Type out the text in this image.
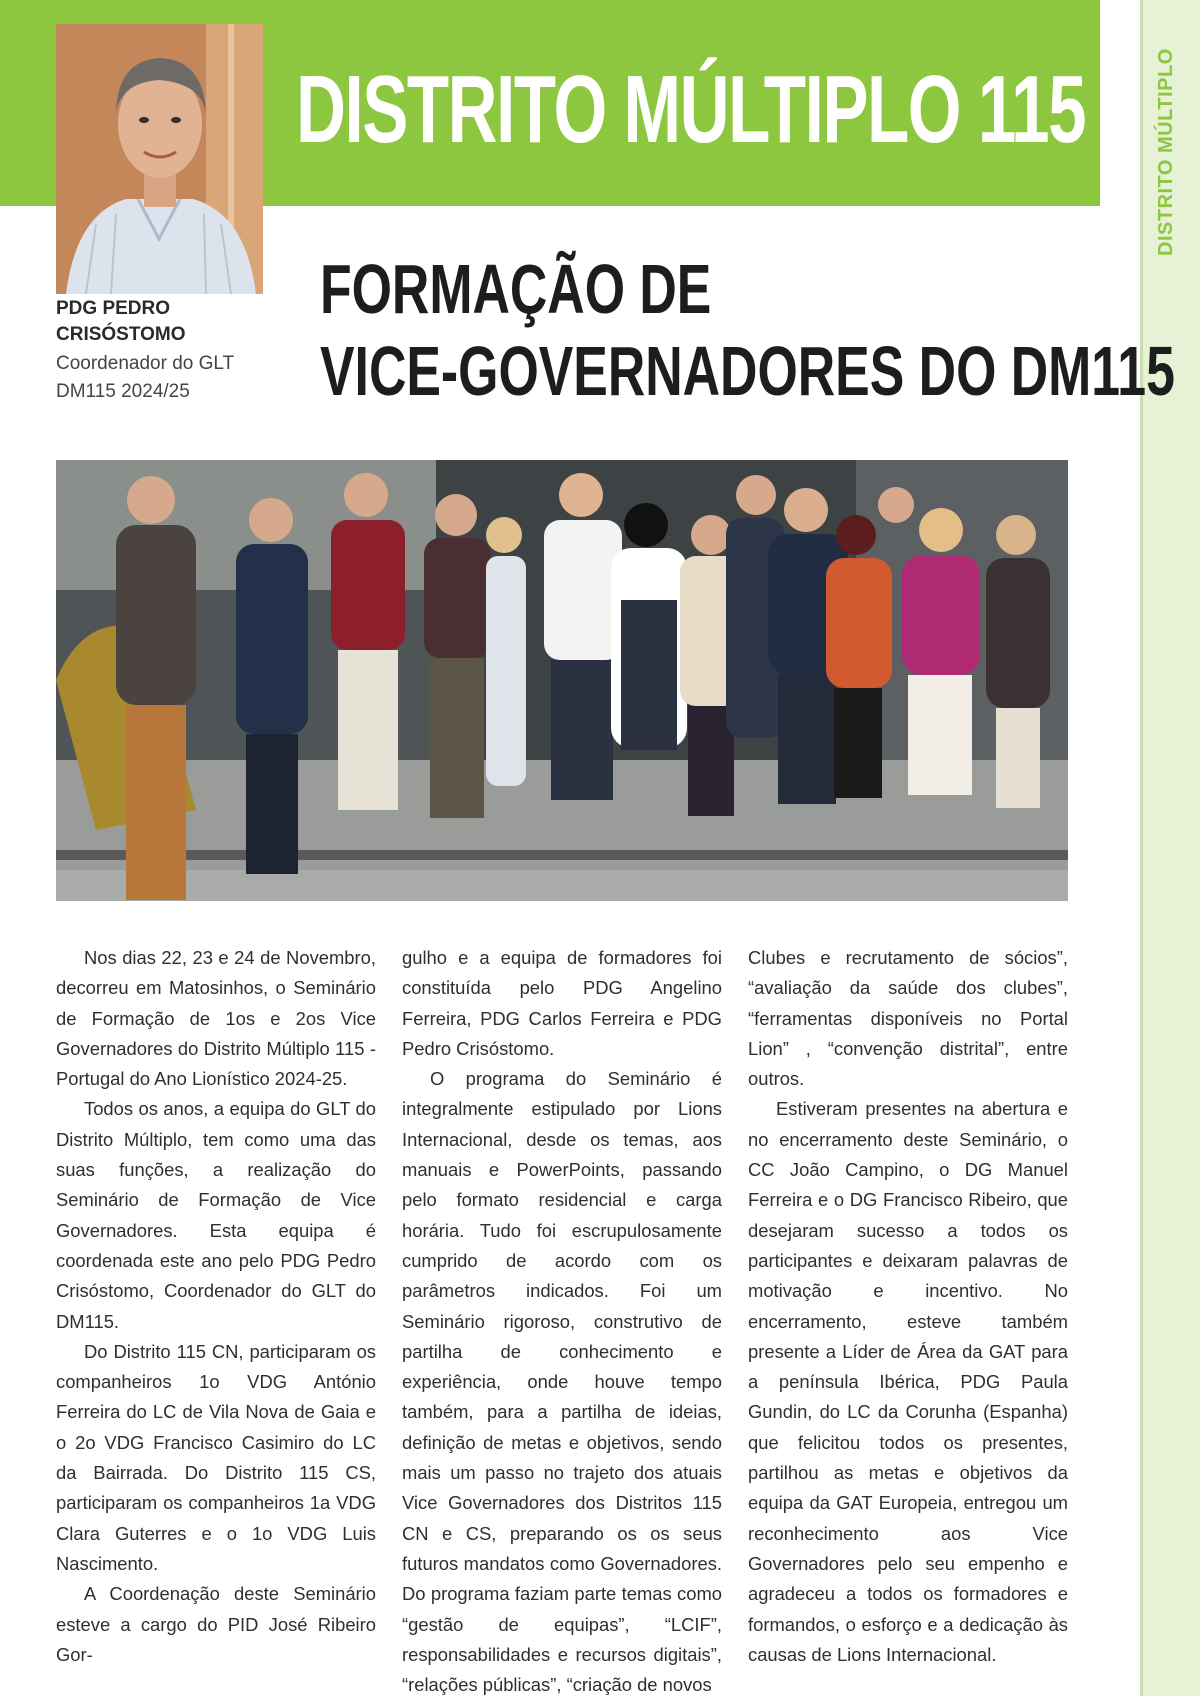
DISTRITO MÚLTIPLO 115	DISTRITO MÚLTIPLO
PDG PEDRO CRISÓSTOMO

Coordenador do GLT DM115 2024/25

FORMAÇÃO DE
VICE-GOVERNADORES DO DM115

Nos dias 22, 23 e 24 de Novembro, decorreu em Matosinhos, o Seminário de Formação de 1os e 2os Vice Governadores do Distrito Múltiplo 115 - Portugal do Ano Lionístico 2024-25.

Todos os anos, a equipa do GLT do Distrito Múltiplo, tem como uma das suas funções, a realização do Seminário de Formação de Vice Governadores. Esta equipa é coordenada este ano pelo PDG Pedro Crisóstomo, Coordenador do GLT do DM115.

Do Distrito 115 CN, participaram os companheiros 1o VDG António Ferreira do LC de Vila Nova de Gaia e o 2o VDG Francisco Casimiro do LC da Bairrada. Do Distrito 115 CS, participaram os companheiros 1a VDG Clara Guterres e o 1o VDG Luis Nascimento.

A Coordenação deste Seminário esteve a cargo do PID José Ribeiro Gor-

gulho e a equipa de formadores foi constituída pelo PDG Angelino Ferreira, PDG Carlos Ferreira e PDG Pedro Crisóstomo.

O programa do Seminário é integralmente estipulado por Lions Internacional, desde os temas, aos manuais e PowerPoints, passando pelo formato residencial e carga horária. Tudo foi escrupulosamente cumprido de acordo com os parâmetros indicados. Foi um Seminário rigoroso, construtivo de partilha de conhecimento e experiência, onde houve tempo também, para a partilha de ideias, definição de metas e objetivos, sendo mais um passo no trajeto dos atuais Vice Governadores dos Distritos 115 CN e CS, preparando os os seus futuros mandatos como Governadores. Do programa faziam parte temas como “gestão de equipas”, “LCIF”, responsabilidades e recursos digitais”, “relações públicas”, “criação de novos

Clubes e recrutamento de sócios”, “avaliação da saúde dos clubes”, “ferramentas disponíveis no Portal Lion” , “convenção distrital”, entre outros.

Estiveram presentes na abertura e no encerramento deste Seminário, o CC João Campino, o DG Manuel Ferreira e o DG Francisco Ribeiro, que desejaram sucesso a todos os participantes e deixaram palavras de motivação e incentivo. No encerramento, esteve também presente a Líder de Área da GAT para a península Ibérica, PDG Paula Gundin, do LC da Corunha (Espanha) que felicitou todos os presentes, partilhou as metas e objetivos da equipa da GAT Europeia, entregou um reconhecimento aos Vice Governadores pelo seu empenho e agradeceu a todos os formadores e formandos, o esforço e a dedicação às causas de Lions Internacional.
